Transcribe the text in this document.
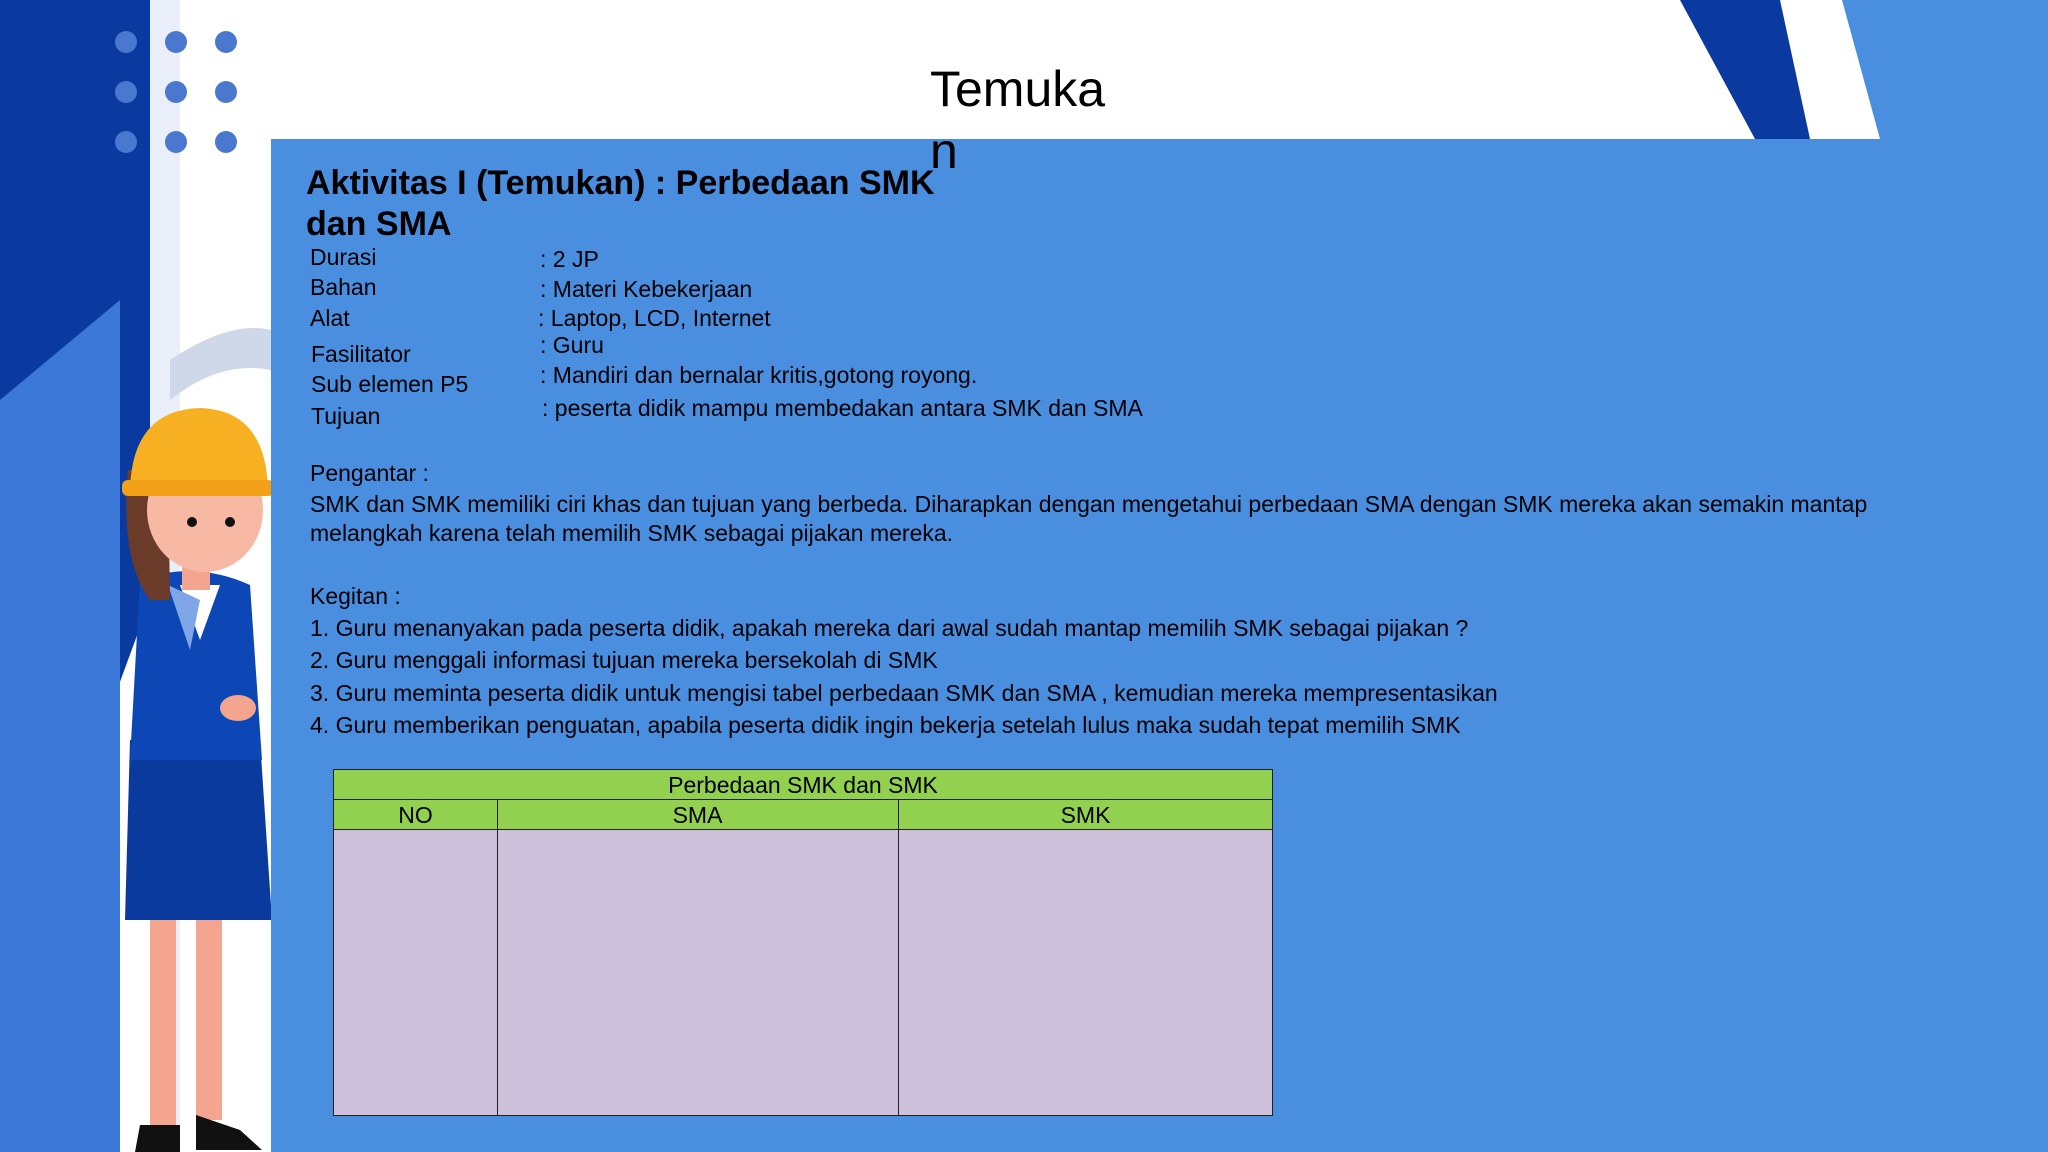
Temukan
Aktivitas I (Temukan) : Perbedaan SMK dan SMA
Durasi	: 2 JP
Bahan	: Materi Kebekerjaan
Alat	: Laptop, LCD, Internet
Fasilitator	: Guru
Sub elemen P5	: Mandiri dan bernalar kritis,gotong royong.
Tujuan	: peserta didik mampu membedakan antara SMK dan SMA
Pengantar :
SMK dan SMK memiliki ciri khas dan tujuan yang berbeda. Diharapkan dengan mengetahui perbedaan SMA dengan SMK mereka akan semakin mantap melangkah karena telah memilih SMK sebagai pijakan mereka.
Kegitan :
1. Guru menanyakan pada peserta didik, apakah mereka dari awal sudah mantap memilih SMK sebagai pijakan ?
2. Guru menggali informasi tujuan mereka bersekolah di SMK
3. Guru meminta peserta didik untuk mengisi tabel perbedaan SMK dan SMA , kemudian mereka mempresentasikan
4. Guru memberikan penguatan, apabila peserta didik ingin bekerja setelah lulus maka sudah tepat memilih SMK
Perbedaan SMK dan SMK
NO	SMA	SMK
